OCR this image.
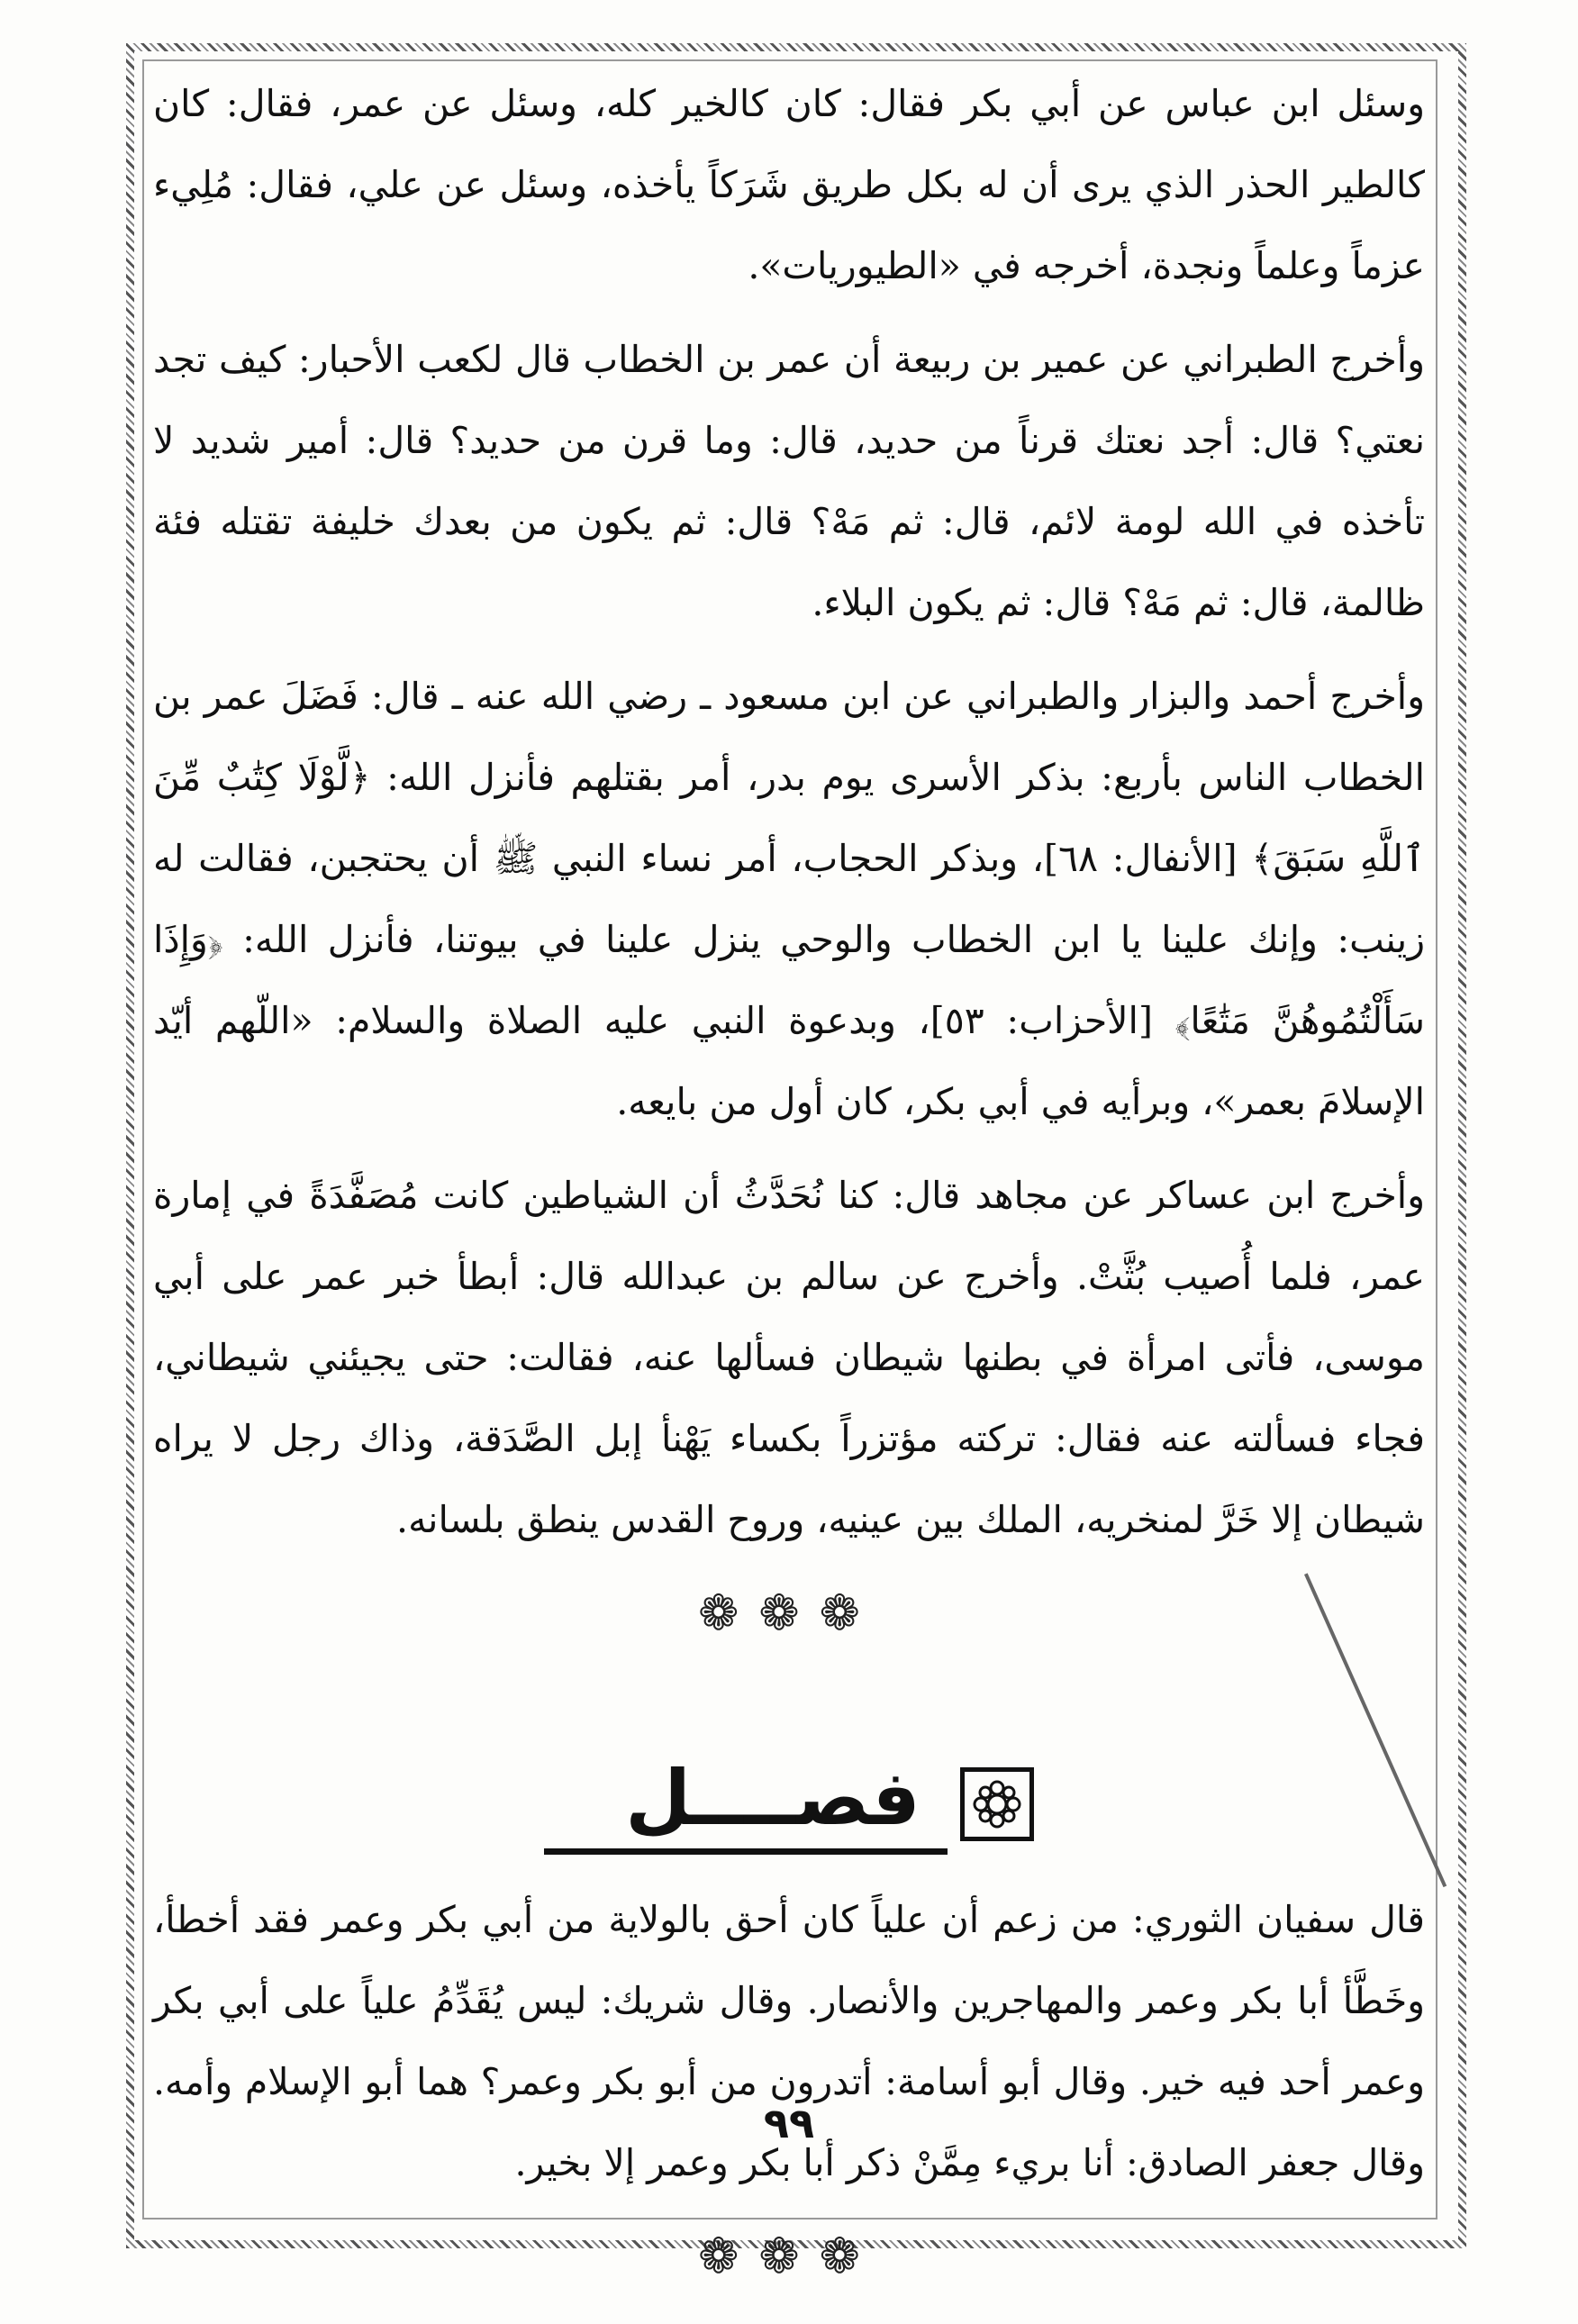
وسئل ابن عباس عن أبي بكر فقال: كان كالخير كله، وسئل عن عمر، فقال: كان كالطير الحذر الذي يرى أن له بكل طريق شَرَكاً يأخذه، وسئل عن علي، فقال: مُلِيء عزماً وعلماً ونجدة، أخرجه في «الطيوريات».

وأخرج الطبراني عن عمير بن ربيعة أن عمر بن الخطاب قال لكعب الأحبار: كيف تجد نعتي؟ قال: أجد نعتك قرناً من حديد، قال: وما قرن من حديد؟ قال: أمير شديد لا تأخذه في الله لومة لائم، قال: ثم مَهْ؟ قال: ثم يكون من بعدك خليفة تقتله فئة ظالمة، قال: ثم مَهْ؟ قال: ثم يكون البلاء.

وأخرج أحمد والبزار والطبراني عن ابن مسعود ـ رضي الله عنه ـ قال: فَضَلَ عمر بن الخطاب الناس بأربع: بذكر الأسرى يوم بدر، أمر بقتلهم فأنزل الله: ﴿لَّوْلَا كِتَٰبٌ مِّنَ ٱللَّهِ سَبَقَ﴾ [الأنفال: ٦٨]، وبذكر الحجاب، أمر نساء النبي ﷺ أن يحتجبن، فقالت له زينب: وإنك علينا يا ابن الخطاب والوحي ينزل علينا في بيوتنا، فأنزل الله: ﴿وَإِذَا سَأَلْتُمُوهُنَّ مَتَٰعًا﴾ [الأحزاب: ٥٣]، وبدعوة النبي عليه الصلاة والسلام: «اللّهم أيّد الإسلامَ بعمر»، وبرأيه في أبي بكر، كان أول من بايعه.

وأخرج ابن عساكر عن مجاهد قال: كنا نُحَدَّثُ أن الشياطين كانت مُصَفَّدَةً في إمارة عمر، فلما أُصيب بُثَّتْ. وأخرج عن سالم بن عبدالله قال: أبطأ خبر عمر على أبي موسى، فأتى امرأة في بطنها شيطان فسألها عنه، فقالت: حتى يجيئني شيطاني، فجاء فسألته عنه فقال: تركته مؤتزراً بكساء يَهْنأ إبل الصَّدَقة، وذاك رجل لا يراه شيطان إلا خَرَّ لمنخريه، الملك بين عينيه، وروح القدس ينطق بلسانه.

❁❁❁
فصــــل

قال سفيان الثوري: من زعم أن علياً كان أحق بالولاية من أبي بكر وعمر فقد أخطأ، وخَطَّأ أبا بكر وعمر والمهاجرين والأنصار. وقال شريك: ليس يُقَدِّمُ علياً على أبي بكر وعمر أحد فيه خير. وقال أبو أسامة: أتدرون من أبو بكر وعمر؟ هما أبو الإسلام وأمه. وقال جعفر الصادق: أنا بريء مِمَّنْ ذكر أبا بكر وعمر إلا بخير.

❁❁❁
٩٩
